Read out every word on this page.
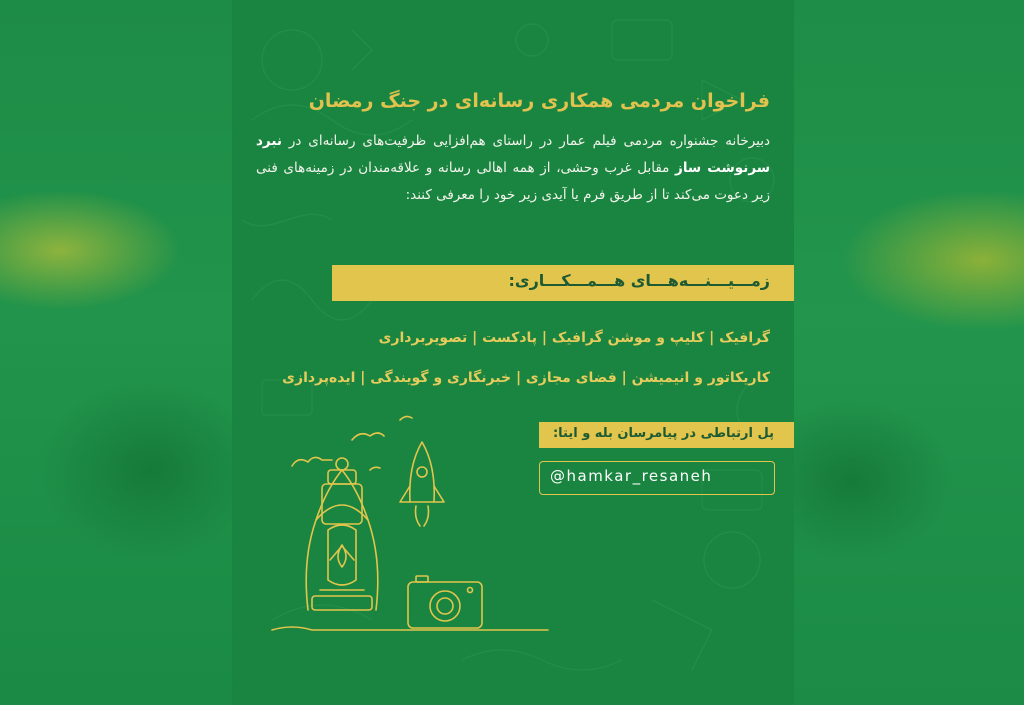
فراخوان مردمی همکاری رسانه‌ای در جنگ رمضان

دبیرخانه جشنواره مردمی فیلم عمار در راستای هم‌افزایی ظرفیت‌های رسانه‌ای در نبرد سرنوشت ساز مقابل غرب وحشی، از همه اهالی رسانه و علاقه‌مندان در زمینه‌های فنی زیر دعوت می‌کند تا از طریق فرم یا آیدی زیر خود را معرفی کنند:

زمـــیـــنـــه‌هـــای هـــمـــکـــاری:

گرافیک | کلیپ و موشن گرافیک | پادکست | تصویربرداری

کاریکاتور و انیمیشن | فضای مجازی | خبرنگاری و گویندگی | ایده‌پردازی

پل ارتباطی در پیامرسان بله و ایتا:
@hamkar_resaneh
